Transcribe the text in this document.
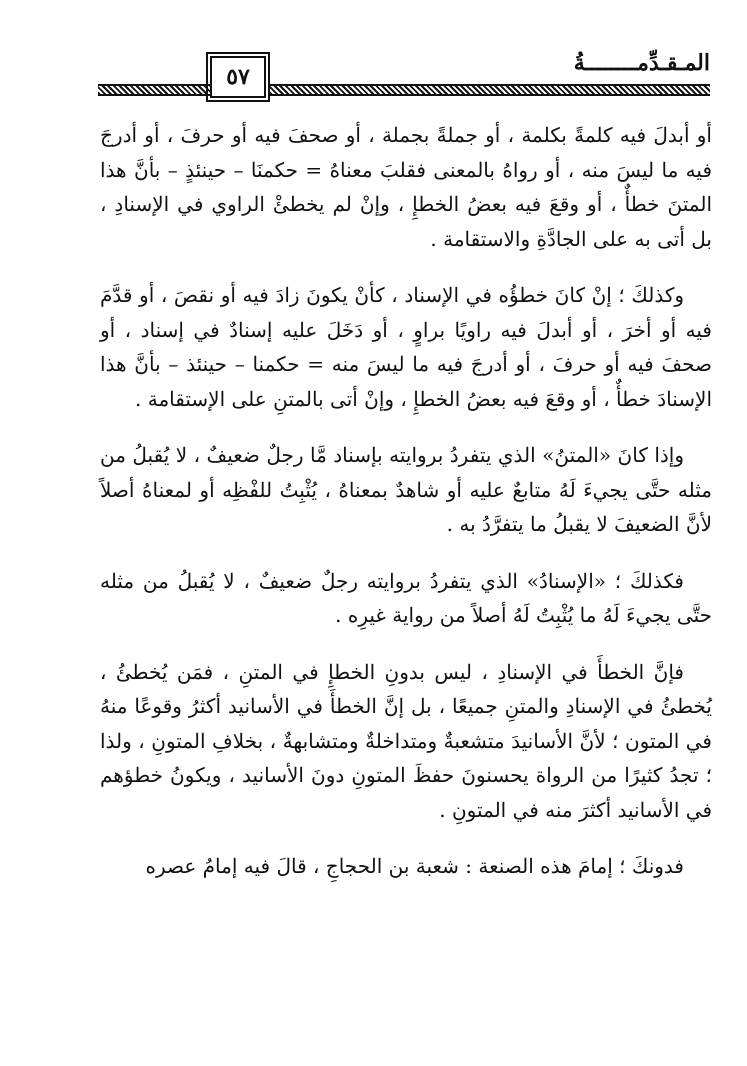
المـقـدِّمــــــــةُ
٥٧

أو أبدلَ فيه كلمةً بكلمة ، أو جملةً بجملة ، أو صحفَ فيه أو حرفَ ، أو أدرجَ فيه ما ليسَ منه ، أو رواهُ بالمعنى فقلبَ معناهُ = حكمنَا – حينئذٍ – بأنَّ هذا المتنَ خطأٌ ، أو وقعَ فيه بعضُ الخطإِ ، وإنْ لم يخطئْ الراوي في الإسنادِ ، بل أتى به على الجادَّةِ والاستقامة .

وكذلكَ ؛ إنْ كانَ خطؤُه في الإسناد ، كأنْ يكونَ زادَ فيه أو نقصَ ، أو قدَّمَ فيه أو أخرَ ، أو أبدلَ فيه راويًا براوٍ ، أو دَخَلَ عليه إسنادٌ في إسناد ، أو صحفَ فيه أو حرفَ ، أو أدرجَ فيه ما ليسَ منه = حكمنا – حينئذ – بأنَّ هذا الإسنادَ خطأٌ ، أو وقعَ فيه بعضُ الخطإِ ، وإنْ أتى بالمتنِ على الإستقامة .

وإذا كانَ «المتنُ» الذي يتفردُ بروايته بإسناد مَّا رجلٌ ضعيفٌ ، لا يُقبلُ من مثله حتَّى يجيءَ لَهُ متابعٌ عليه أو شاهدٌ بمعناهُ ، يُثْبِتُ للفْظِه أو لمعناهُ أصلاً لأنَّ الضعيفَ لا يقبلُ ما يتفرَّدُ به .

فكذلكَ ؛ «الإسنادُ» الذي يتفردُ بروايته رجلٌ ضعيفٌ ، لا يُقبلُ من مثله حتَّى يجيءَ لَهُ ما يُثْبِتُ لَهُ أصلاً من رواية غيرِه .

فإنَّ الخطأَ في الإسنادِ ، ليس بدونِ الخطإِ في المتنِ ، فمَن يُخطئُ ، يُخطئُ في الإسنادِ والمتنِ جميعًا ، بل إنَّ الخطأَ في الأسانيد أكثرُ وقوعًا منهُ في المتون ؛ لأنَّ الأسانيدَ متشعبةٌ ومتداخلةٌ ومتشابهةٌ ، بخلافِ المتونِ ، ولذا ؛ تجدُ كثيرًا من الرواة يحسنونَ حفظَ المتونِ دونَ الأسانيد ، ويكونُ خطؤهم في الأسانيد أكثرَ منه في المتونِ .

فدونكَ ؛ إمامَ هذه الصنعة : شعبة بن الحجاجِ ، قالَ فيه إمامُ عصره
